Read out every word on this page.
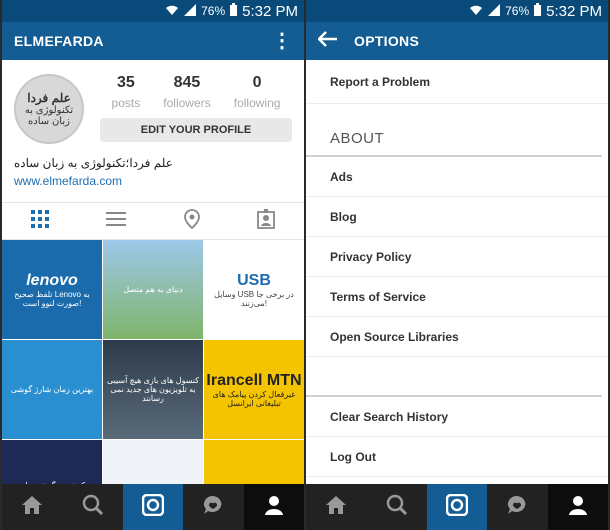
76% 5:32 PM
ELMEFARDA	⋮
علم فردا
تکنولوژی به زبان ساده
35
posts
845
followers
0
following
EDIT YOUR PROFILE
علم فردا؛تکنولوژی به زبان ساده
www.elmefarda.com
lenovo
تلفظ صحیح Lenovo به صورت لنوو است!
دنیای به هم متصل
USB
وسایل USB در برخی جا می‌زنند!
بهترین زمان شارژ گوشی
کنسول های بازی هیچ آسیبی به تلویزیون های جدید نمی رسانند
Irancell MTN
غیرفعال کردن پیامک های تبلیغاتی ایرانسل
76% 5:32 PM
OPTIONS
Report a Problem
ABOUT
Ads
Blog
Privacy Policy
Terms of Service
Open Source Libraries
Clear Search History
Log Out
